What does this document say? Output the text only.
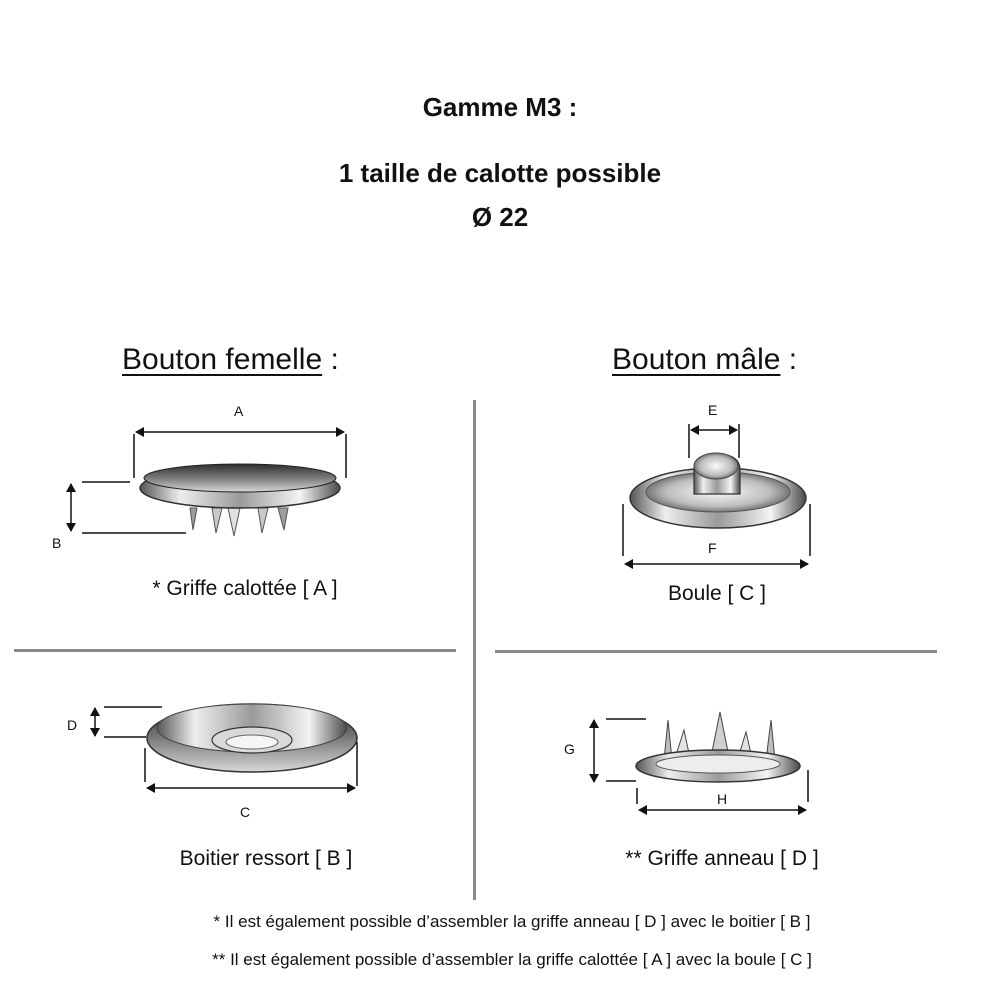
Gamme M3 :
1 taille de calotte possible
Ø 22
Bouton femelle :	Bouton mâle :
A
B
E
F
C
D
G
H
* Griffe calottée [ A ]	Boule [ C ]
Boitier ressort [ B ]	** Griffe anneau [ D ]
* Il est également possible d’assembler la griffe anneau [ D ] avec le boitier [ B ]
** Il est également possible d’assembler la griffe calottée [ A ] avec la boule [ C ]
